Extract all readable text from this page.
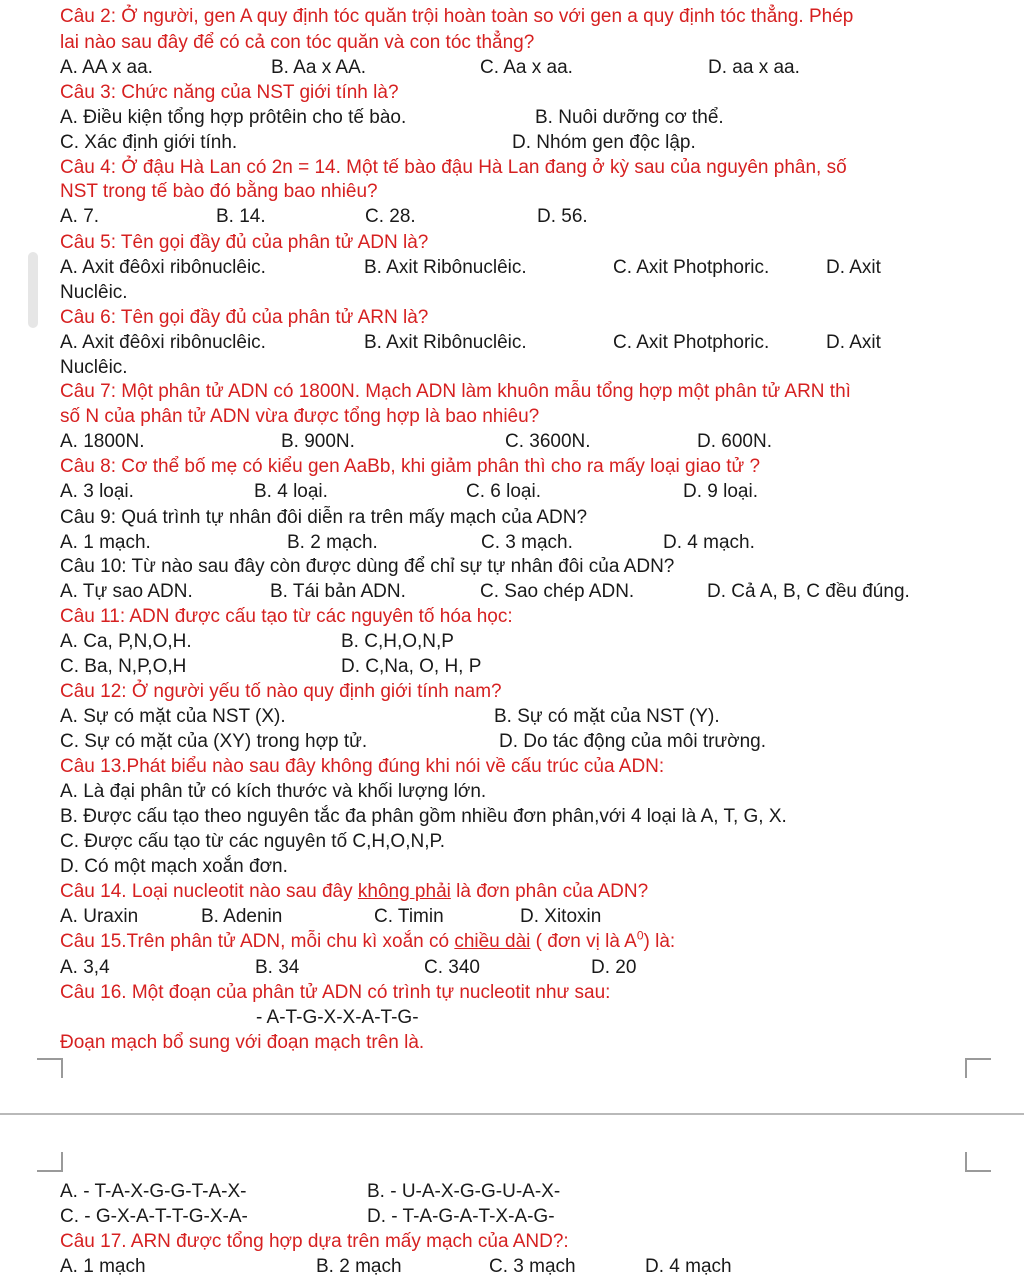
Câu 2: Ở người, gen A quy định tóc quăn trội hoàn toàn so với gen a quy định tóc thẳng. Phép
lai nào sau đây để có cả con tóc quăn và con tóc thẳng?
A. AA x aa.	B. Aa x AA.	C. Aa x aa.	D. aa x aa.
Câu 3: Chức năng của NST giới tính là?
A. Điều kiện tổng hợp prôtêin cho tế bào.	B. Nuôi dưỡng cơ thể.
C. Xác định giới tính.	D. Nhóm gen độc lập.
Câu 4: Ở đậu Hà Lan có 2n = 14. Một tế bào đậu Hà Lan đang ở kỳ sau của nguyên phân, số
NST trong tế bào đó bằng bao nhiêu?
A. 7.	B. 14.	C. 28.	D. 56.
Câu 5: Tên gọi đầy đủ của phân tử ADN là?
A. Axit đêôxi ribônuclêic.	B. Axit Ribônuclêic.	C. Axit Photphoric.	D. Axit
Nuclêic.
Câu 6: Tên gọi đầy đủ của phân tử ARN là?
A. Axit đêôxi ribônuclêic.	B. Axit Ribônuclêic.	C. Axit Photphoric.	D. Axit
Nuclêic.
Câu 7: Một phân tử ADN có 1800N. Mạch ADN làm khuôn mẫu tổng hợp một phân tử ARN thì
số N của phân tử ADN vừa được tổng hợp là bao nhiêu?
A. 1800N.	B. 900N.	C. 3600N.	D. 600N.
Câu 8: Cơ thể bố mẹ có kiểu gen AaBb, khi giảm phân thì cho ra mấy loại giao tử ?
A. 3 loại.	B. 4 loại.	C. 6 loại.	D. 9 loại.
Câu 9: Quá trình tự nhân đôi diễn ra trên mấy mạch của ADN?
A. 1 mạch.	B. 2 mạch.	C. 3 mạch.	D. 4 mạch.
Câu 10: Từ nào sau đây còn được dùng để chỉ sự tự nhân đôi của ADN?
A. Tự sao ADN.	B. Tái bản ADN.	C. Sao chép ADN.	D. Cả A, B, C đều đúng.
Câu 11: ADN được cấu tạo từ các nguyên tố hóa học:
A. Ca, P,N,O,H.	B. C,H,O,N,P
C. Ba, N,P,O,H	D. C,Na, O, H, P
Câu 12: Ở người yếu tố nào quy định giới tính nam?
A. Sự có mặt của NST (X).	B. Sự có mặt của NST (Y).
C. Sự có mặt của (XY) trong hợp tử.	D. Do tác động của môi trường.
Câu 13.Phát biểu nào sau đây không đúng khi nói về cấu trúc của ADN:
A. Là đại phân tử có kích thước và khối lượng lớn.
B. Được cấu tạo theo nguyên tắc đa phân gồm nhiều đơn phân,với 4 loại là A, T, G, X.
C. Được cấu tạo từ các nguyên tố C,H,O,N,P.
D. Có một mạch xoắn đơn.
Câu 14. Loại nucleotit nào sau đây không phải là đơn phân của ADN?
A. Uraxin	B. Adenin	C. Timin	D. Xitoxin
Câu 15.Trên phân tử ADN, mỗi chu kì xoắn có chiều dài ( đơn vị là $A^0$) là:
A. 3,4	B. 34	C. 340	D. 20
Câu 16. Một đoạn của phân tử ADN có trình tự nucleotit như sau:
- A-T-G-X-X-A-T-G-
Đoạn mạch bổ sung với đoạn mạch trên là.
A. - T-A-X-G-G-T-A-X-	B. - U-A-X-G-G-U-A-X-
C. - G-X-A-T-T-G-X-A-	D. - T-A-G-A-T-X-A-G-
Câu 17. ARN được tổng hợp dựa trên mấy mạch của AND?:
A. 1 mạch	B. 2 mạch	C. 3 mạch	D. 4 mạch
